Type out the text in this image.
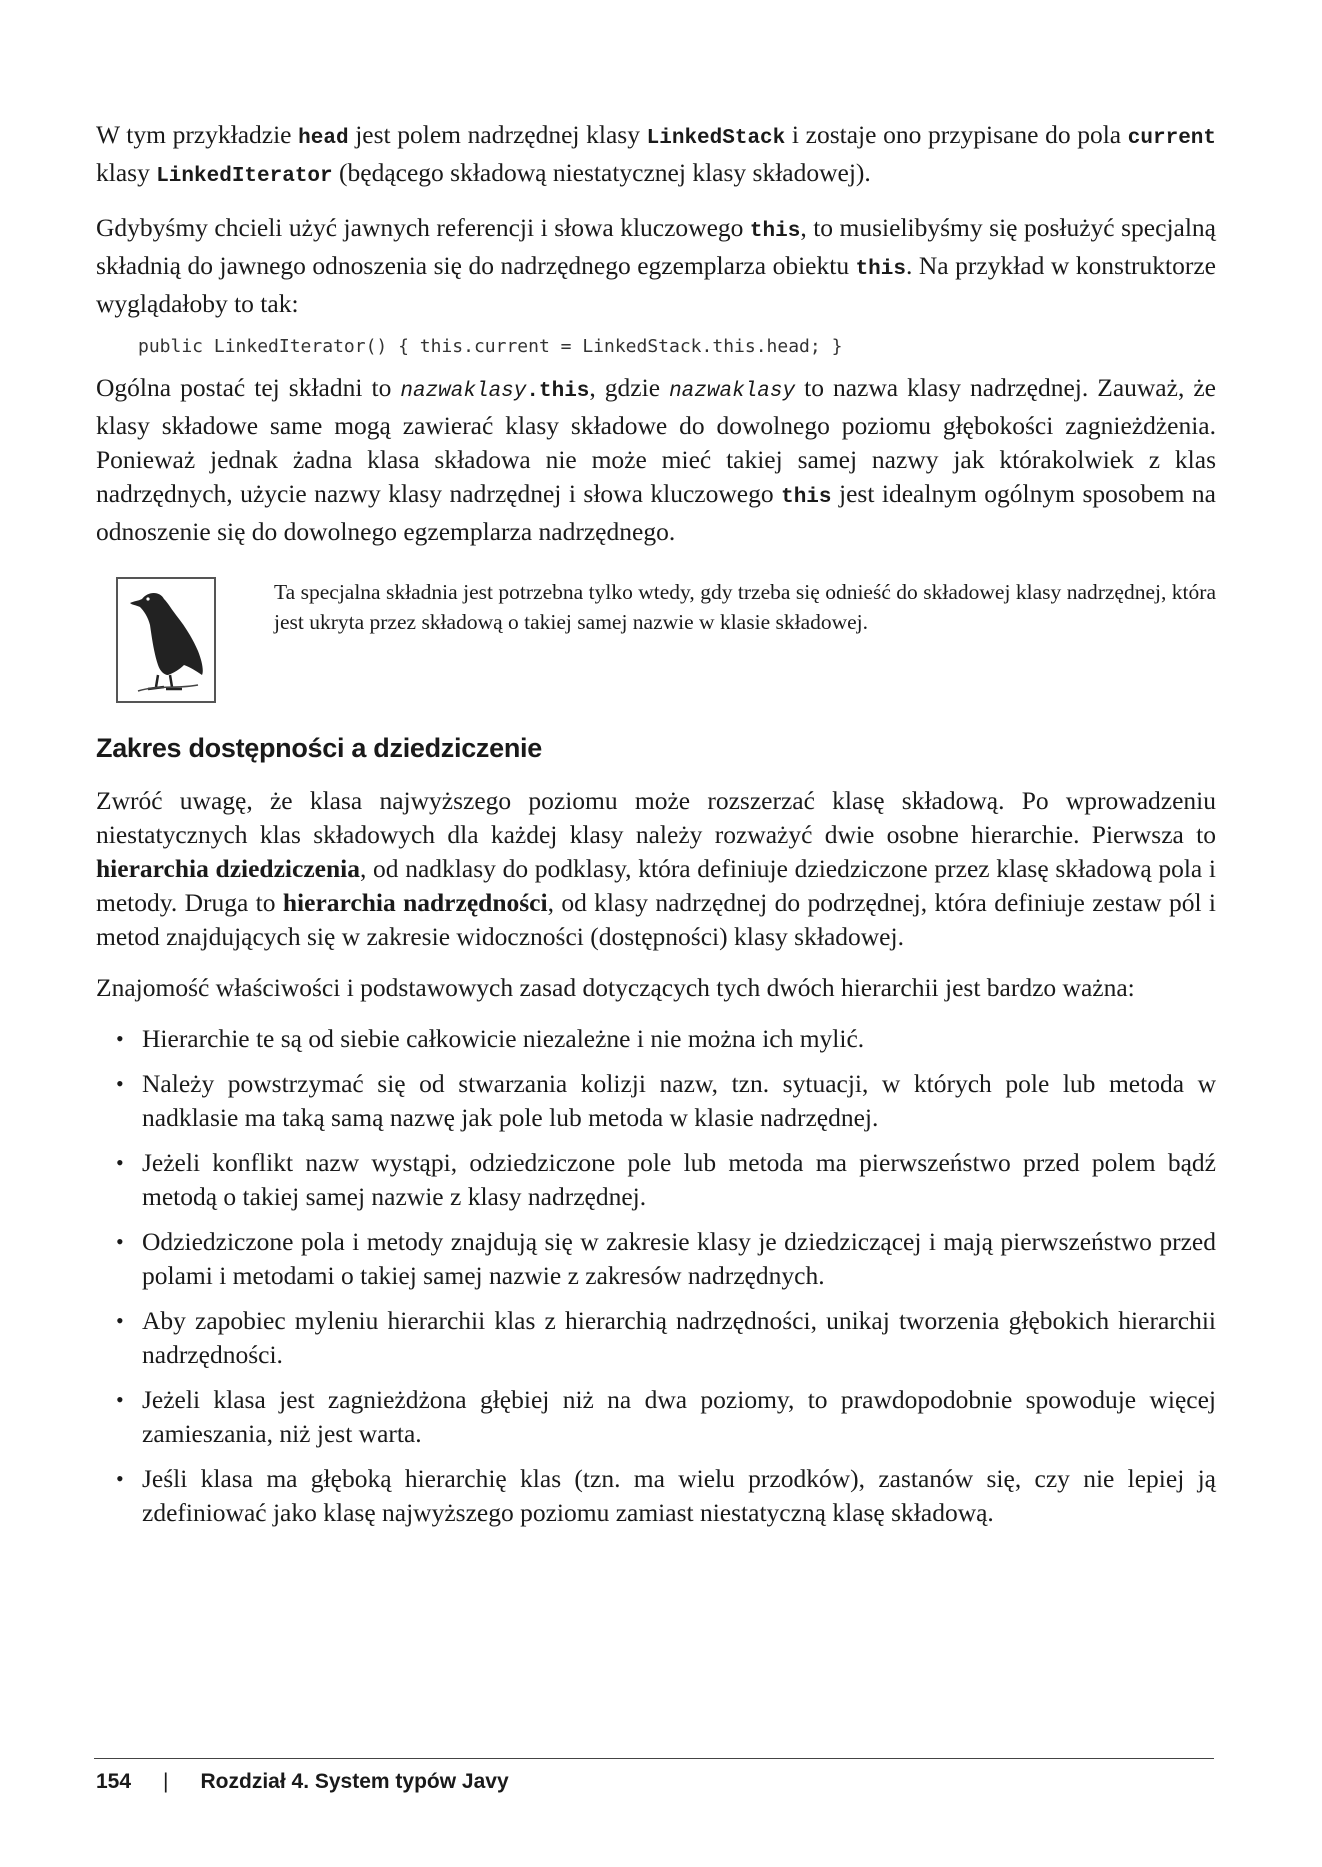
W tym przykładzie head jest polem nadrzędnej klasy LinkedStack i zostaje ono przypisane do pola current klasy LinkedIterator (będącego składową niestatycznej klasy składowej).

Gdybyśmy chcieli użyć jawnych referencji i słowa kluczowego this, to musielibyśmy się posłużyć specjalną składnią do jawnego odnoszenia się do nadrzędnego egzemplarza obiektu this. Na przykład w konstruktorze wyglądałoby to tak:

public LinkedIterator() { this.current = LinkedStack.this.head; }

Ogólna postać tej składni to nazwaklasy.this, gdzie nazwaklasy to nazwa klasy nadrzędnej. Zauważ, że klasy składowe same mogą zawierać klasy składowe do dowolnego poziomu głębokości zagnieżdżenia. Ponieważ jednak żadna klasa składowa nie może mieć takiej samej nazwy jak którakolwiek z klas nadrzędnych, użycie nazwy klasy nadrzędnej i słowa kluczowego this jest idealnym ogólnym sposobem na odnoszenie się do dowolnego egzemplarza nadrzędnego.

Ta specjalna składnia jest potrzebna tylko wtedy, gdy trzeba się odnieść do składowej klasy nadrzędnej, która jest ukryta przez składową o takiej samej nazwie w klasie składowej.
Zakres dostępności a dziedziczenie

Zwróć uwagę, że klasa najwyższego poziomu może rozszerzać klasę składową. Po wprowadzeniu niestatycznych klas składowych dla każdej klasy należy rozważyć dwie osobne hierarchie. Pierwsza to hierarchia dziedziczenia, od nadklasy do podklasy, która definiuje dziedziczone przez klasę składową pola i metody. Druga to hierarchia nadrzędności, od klasy nadrzędnej do podrzędnej, która definiuje zestaw pól i metod znajdujących się w zakresie widoczności (dostępności) klasy składowej.

Znajomość właściwości i podstawowych zasad dotyczących tych dwóch hierarchii jest bardzo ważna:

• Hierarchie te są od siebie całkowicie niezależne i nie można ich mylić.
• Należy powstrzymać się od stwarzania kolizji nazw, tzn. sytuacji, w których pole lub metoda w nadklasie ma taką samą nazwę jak pole lub metoda w klasie nadrzędnej.
• Jeżeli konflikt nazw wystąpi, odziedziczone pole lub metoda ma pierwszeństwo przed polem bądź metodą o takiej samej nazwie z klasy nadrzędnej.
• Odziedziczone pola i metody znajdują się w zakresie klasy je dziedziczącej i mają pierwszeństwo przed polami i metodami o takiej samej nazwie z zakresów nadrzędnych.
• Aby zapobiec myleniu hierarchii klas z hierarchią nadrzędności, unikaj tworzenia głębokich hierarchii nadrzędności.
• Jeżeli klasa jest zagnieżdżona głębiej niż na dwa poziomy, to prawdopodobnie spowoduje więcej zamieszania, niż jest warta.
• Jeśli klasa ma głęboką hierarchię klas (tzn. ma wielu przodków), zastanów się, czy nie lepiej ją zdefiniować jako klasę najwyższego poziomu zamiast niestatyczną klasę składową.
154 | Rozdział 4. System typów Javy
